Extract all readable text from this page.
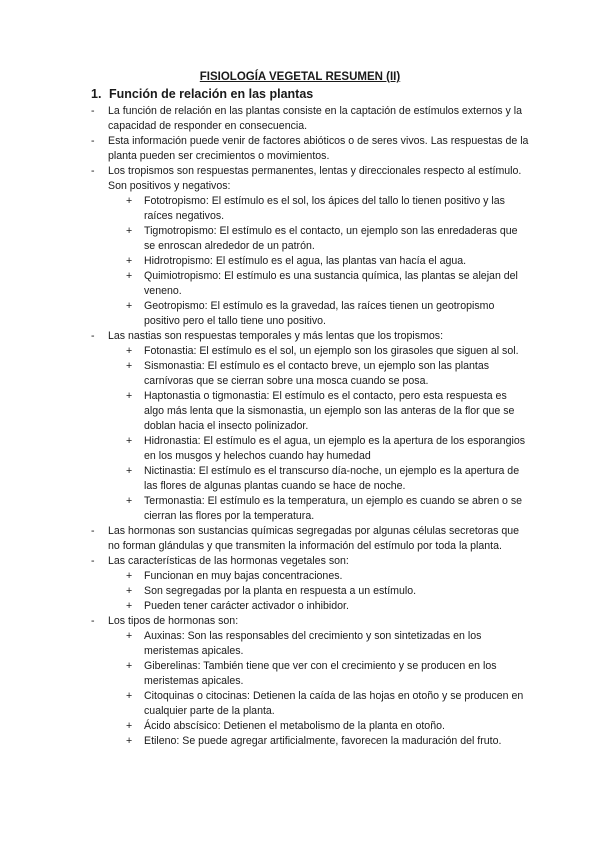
FISIOLOGÍA VEGETAL RESUMEN (II)
1. Función de relación en las plantas
- La función de relación en las plantas consiste en la captación de estímulos externos y la capacidad de responder en consecuencia.
- Esta información puede venir de factores abióticos o de seres vivos. Las respuestas de la planta pueden ser crecimientos o movimientos.
- Los tropismos son respuestas permanentes, lentas y direccionales respecto al estímulo. Son positivos y negativos:
+ Fototropismo: El estímulo es el sol, los ápices del tallo lo tienen positivo y las raíces negativos.
+ Tigmotropismo: El estímulo es el contacto, un ejemplo son las enredaderas que se enroscan alrededor de un patrón.
+ Hidrotropismo: El estímulo es el agua, las plantas van hacía el agua.
+ Quimiotropismo: El estímulo es una sustancia química, las plantas se alejan del veneno.
+ Geotropismo: El estímulo es la gravedad, las raíces tienen un geotropismo positivo pero el tallo tiene uno positivo.
- Las nastias son respuestas temporales y más lentas que los tropismos:
+ Fotonastia: El estímulo es el sol, un ejemplo son los girasoles que siguen al sol.
+ Sismonastia: El estímulo es el contacto breve, un ejemplo son las plantas carnívoras que se cierran sobre una mosca cuando se posa.
+ Haptonastia o tigmonastia: El estímulo es el contacto, pero esta respuesta es algo más lenta que la sismonastia, un ejemplo son las anteras de la flor que se doblan hacia el insecto polinizador.
+ Hidronastia: El estímulo es el agua, un ejemplo es la apertura de los esporangios en los musgos y helechos cuando hay humedad
+ Nictinastia: El estímulo es el transcurso día-noche, un ejemplo es la apertura de las flores de algunas plantas cuando se hace de noche.
+ Termonastia: El estímulo es la temperatura, un ejemplo es cuando se abren o se cierran las flores por la temperatura.
- Las hormonas son sustancias químicas segregadas por algunas células secretoras que no forman glándulas y que transmiten la información del estímulo por toda la planta.
- Las características de las hormonas vegetales son:
+ Funcionan en muy bajas concentraciones.
+ Son segregadas por la planta en respuesta a un estímulo.
+ Pueden tener carácter activador o inhibidor.
- Los tipos de hormonas son:
+ Auxinas: Son las responsables del crecimiento y son sintetizadas en los meristemas apicales.
+ Giberelinas: También tiene que ver con el crecimiento y se producen en los meristemas apicales.
+ Citoquinas o citocinas: Detienen la caída de las hojas en otoño y se producen en cualquier parte de la planta.
+ Ácido abscísico: Detienen el metabolismo de la planta en otoño.
+ Etileno: Se puede agregar artificialmente, favorecen la maduración del fruto.
